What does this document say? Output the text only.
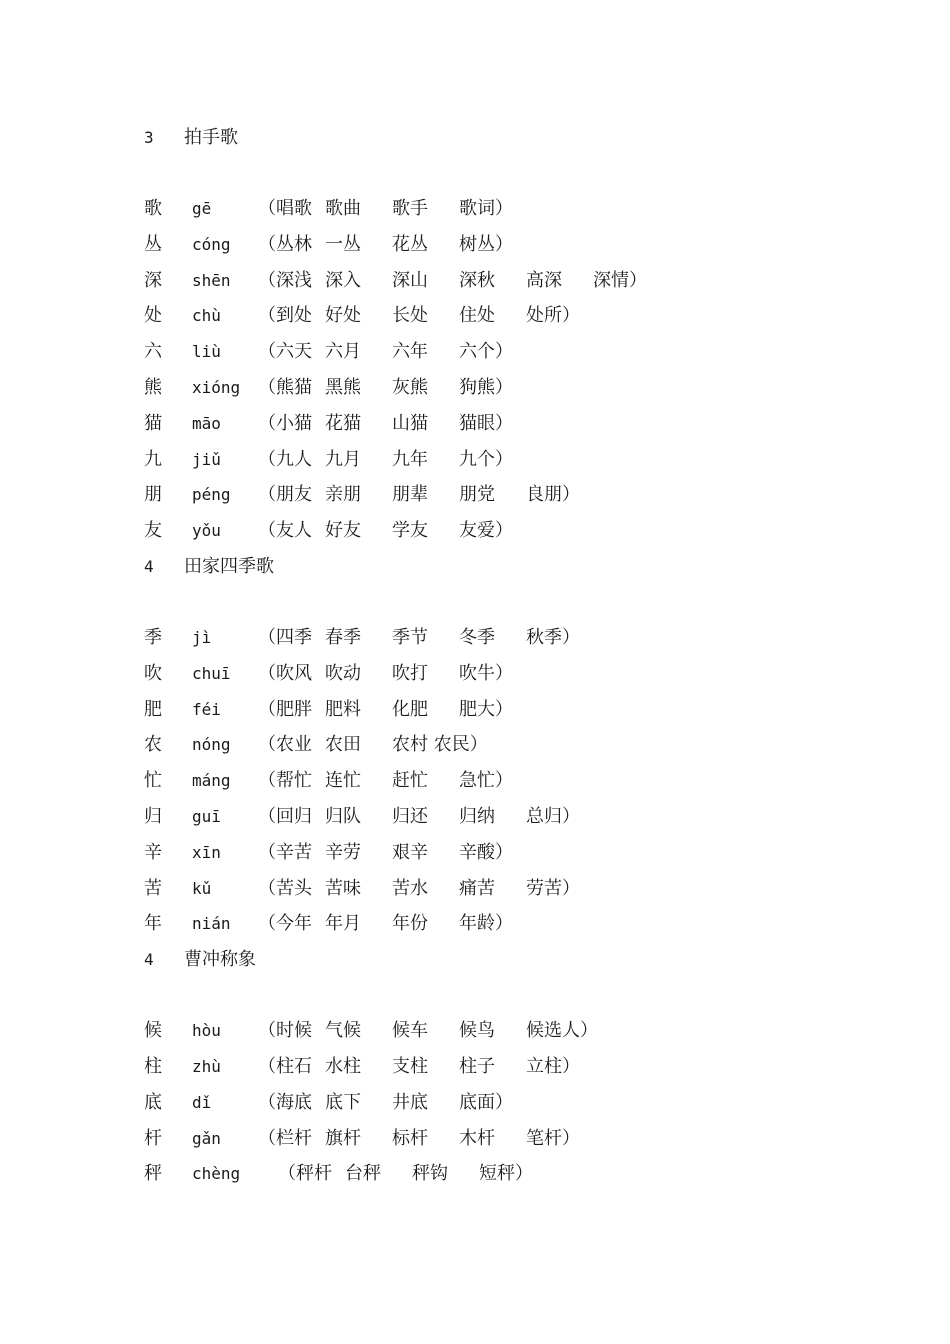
3	拍手歌
歌	gē	（唱歌 歌曲	歌手	歌词）
丛	cóng	（丛林 一丛	花丛	树丛）
深	shēn	（深浅 深入	深山	深秋	高深	深情）
处	chù	（到处 好处	长处	住处	处所）
六	liù	（六天 六月	六年	六个）
熊	xióng （熊猫 黑熊	灰熊	狗熊）
猫	māo	（小猫 花猫	山猫	猫眼）
九	jiǔ	（九人 九月	九年	九个）
朋	péng	（朋友 亲朋	朋辈	朋党	良朋）
友	yǒu	（友人 好友	学友	友爱）
4	田家四季歌
季	jì	（四季 春季	季节	冬季	秋季）
吹	chuī	（吹风 吹动	吹打	吹牛）
肥	féi	（肥胖 肥料	化肥	肥大）
农	nóng	（农业 农田	农村 农民）
忙	máng	（帮忙 连忙	赶忙	急忙）
归	guī	（回归 归队	归还	归纳	总归）
辛	xīn	（辛苦 辛劳	艰辛	辛酸）
苦	kǔ	（苦头 苦味	苦水	痛苦	劳苦）
年	nián	（今年 年月	年份	年龄）
4	曹冲称象
候	hòu	（时候 气候	候车	候鸟	候选人）
柱	zhù	（柱石 水柱	支柱	柱子	立柱）
底	dǐ	（海底 底下	井底	底面）
杆	gǎn	（栏杆 旗杆	标杆	木杆	笔杆）
秤	chèng	（秤杆 台秤	秤钩	短秤）
